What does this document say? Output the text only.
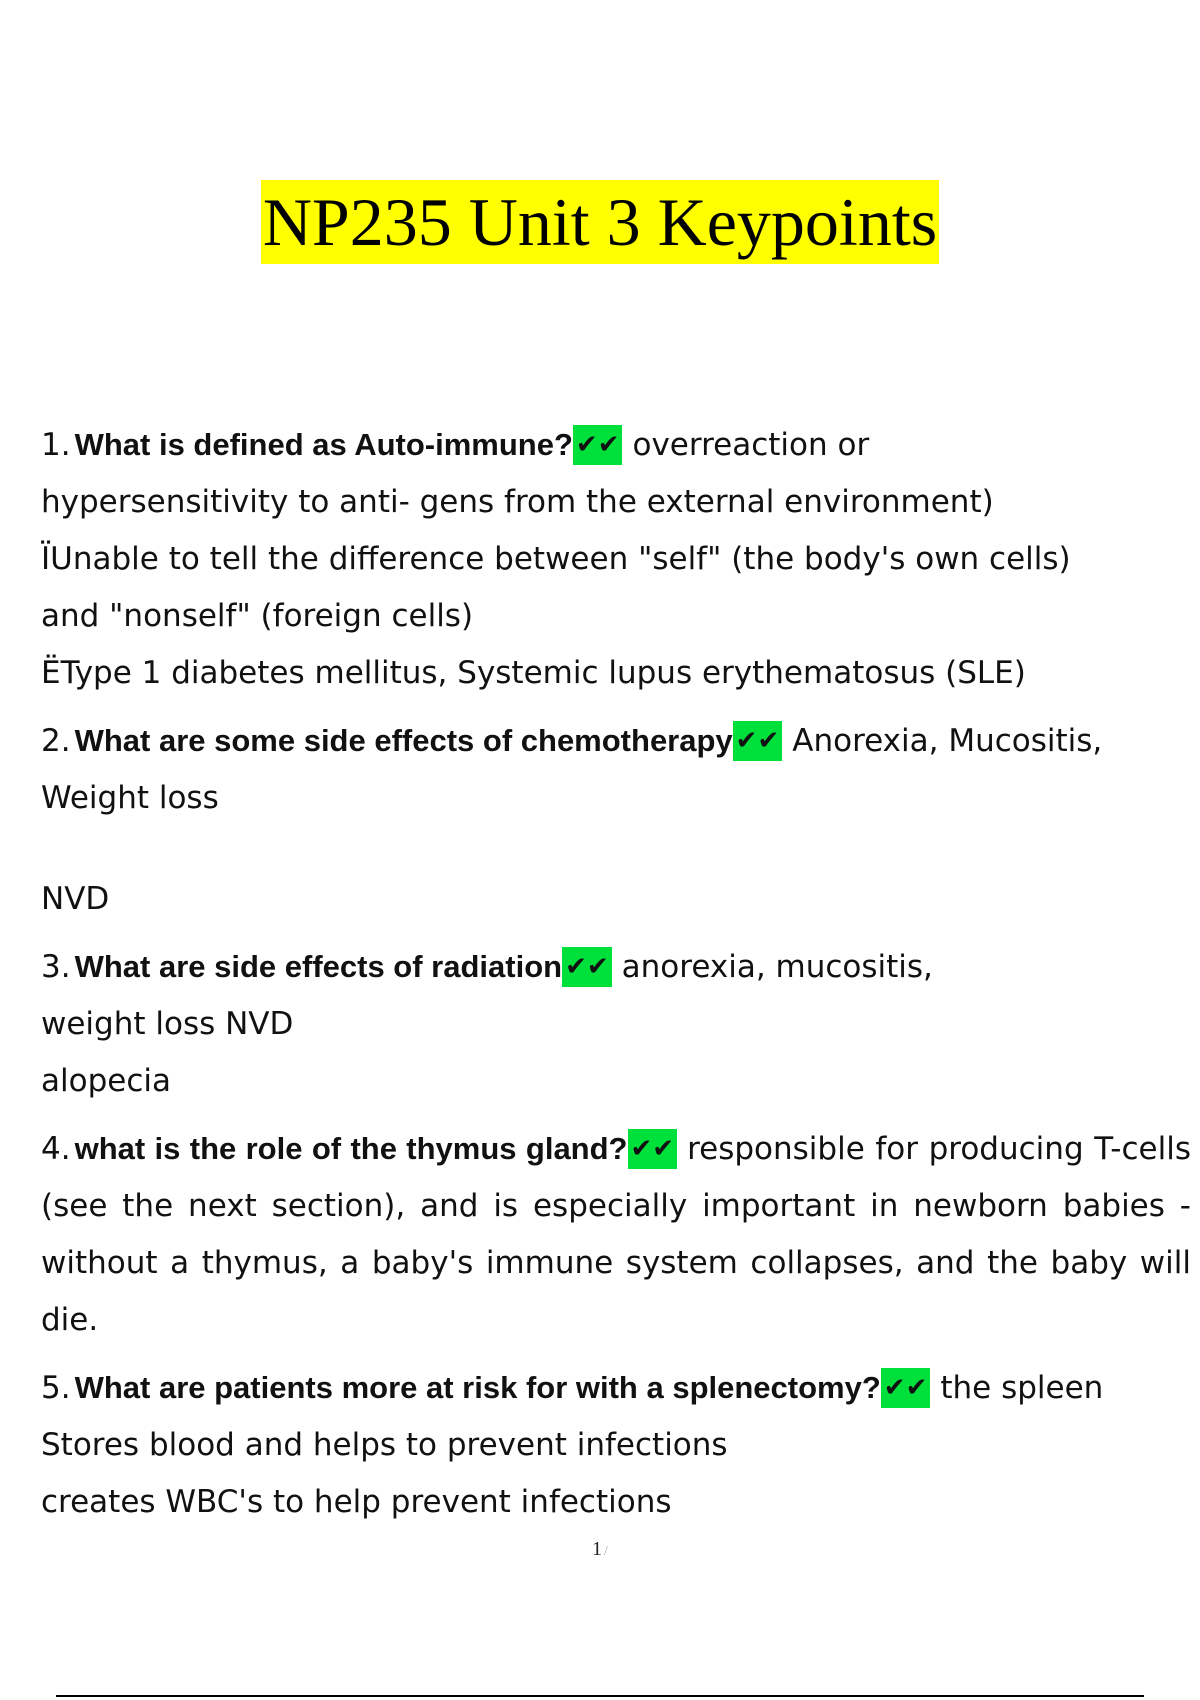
NP235 Unit 3 Keypoints
1. What is defined as Auto-immune? ✔✔ overreaction or
hypersensitivity to anti- gens from the external environment)
ÏUnable to tell the difference between "self" (the body's own cells)
and "nonself" (foreign cells)
ËType 1 diabetes mellitus, Systemic lupus erythematosus (SLE)
2. What are some side effects of chemotherapy ✔✔ Anorexia, Mucositis,
Weight loss
NVD
3. What are side effects of radiation ✔✔ anorexia, mucositis,
weight loss NVD
alopecia
4. what is the role of the thymus gland? ✔✔ responsible for producing T-cells (see the next section), and is especially important in newborn babies - without a thymus, a baby's immune system collapses, and the baby will die.
5. What are patients more at risk for with a splenectomy? ✔✔ the spleen
Stores blood and helps to prevent infections
creates WBC's to help prevent infections
1 /
